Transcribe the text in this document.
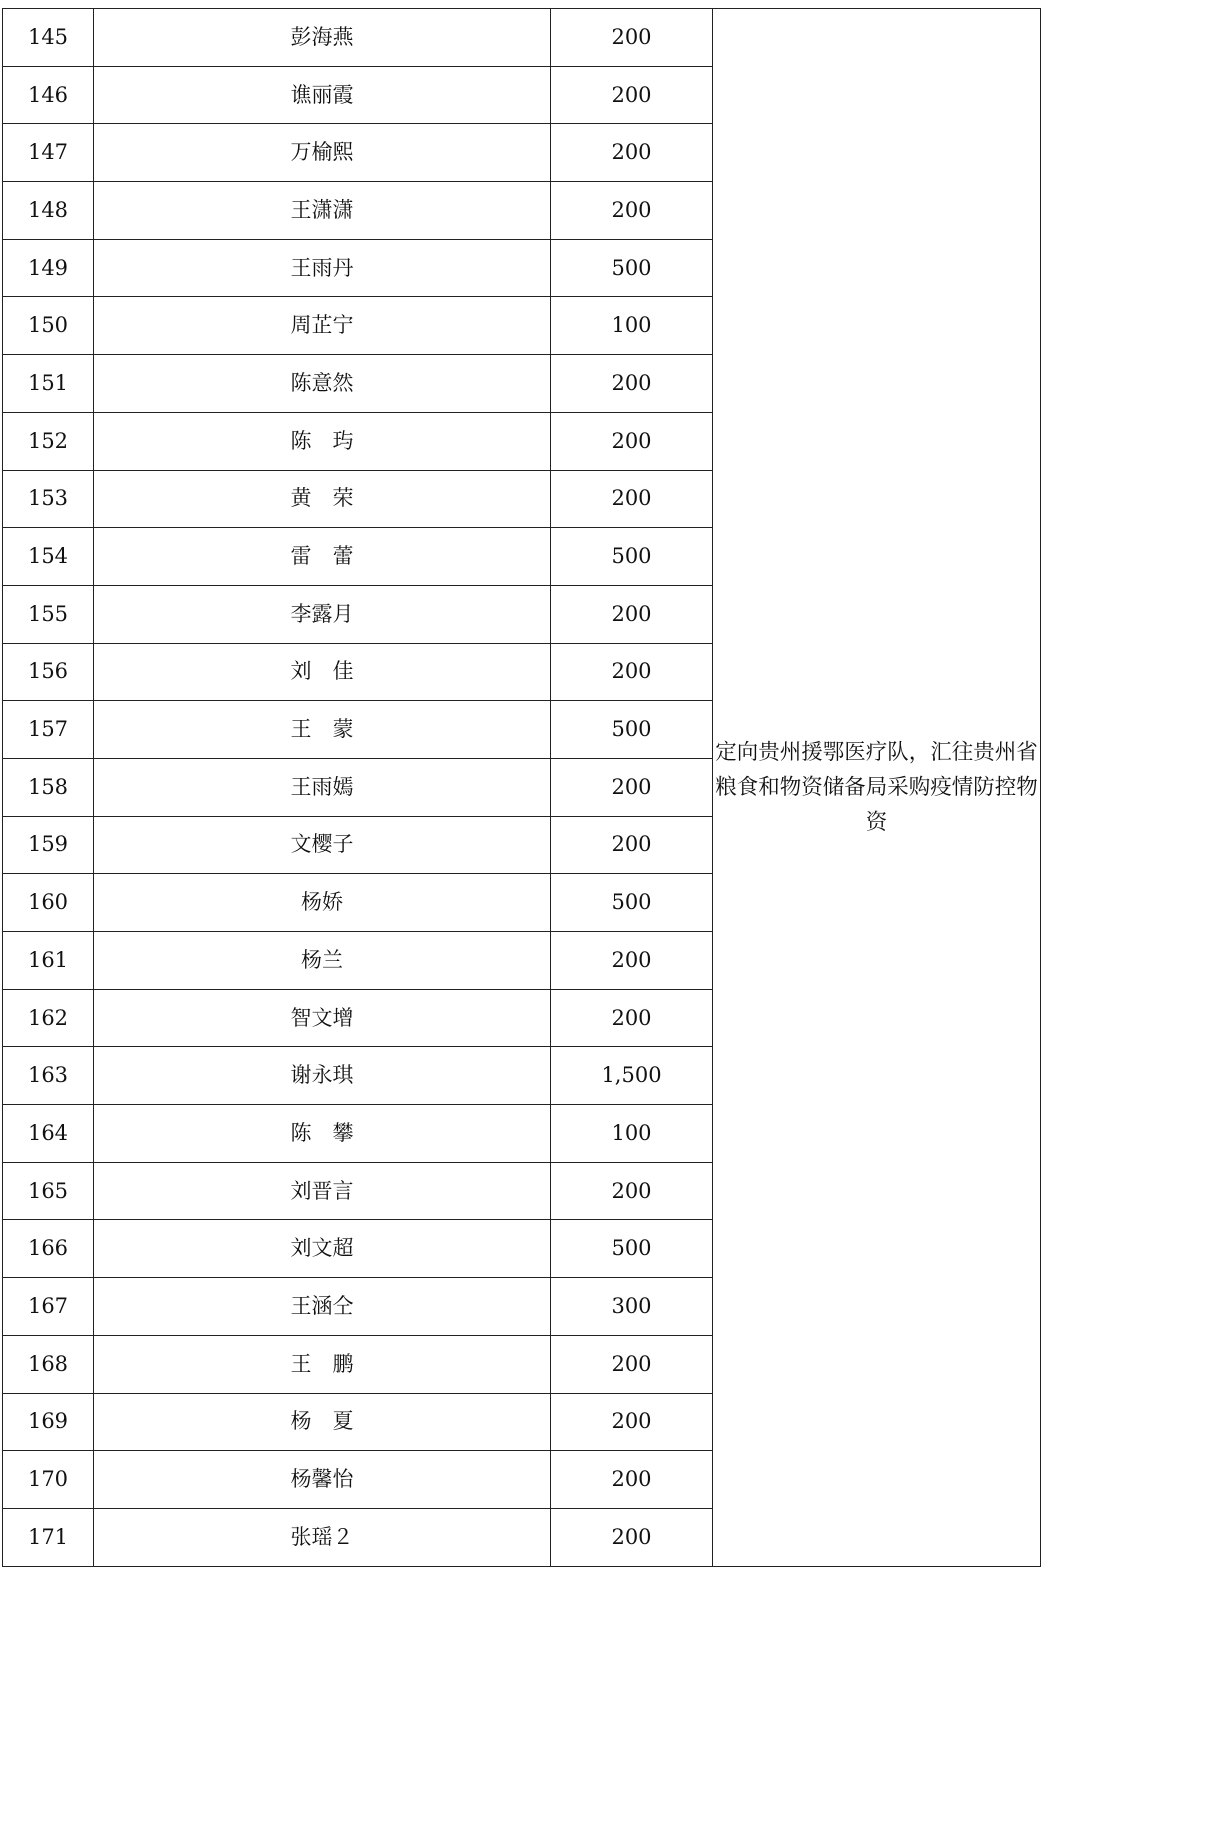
145	彭海燕	200	定向贵州援鄂医疗队，汇往贵州省粮食和物资储备局采购疫情防控物资
146	谯丽霞	200	
147	万榆熙	200	
148	王潇潇	200	
149	王雨丹	500	
150	周芷宁	100	
151	陈意然	200	
152	陈　玙	200	
153	黄　荣	200	
154	雷　蕾	500	
155	李露月	200	
156	刘　佳	200	
157	王　蒙	500	
158	王雨嫣	200	
159	文樱子	200	
160	杨娇	500	
161	杨兰	200	
162	智文增	200	
163	谢永琪	1,500	
164	陈　攀	100	
165	刘晋言	200	
166	刘文超	500	
167	王涵仝	300	
168	王　鹏	200	
169	杨　夏	200	
170	杨馨怡	200	
171	张瑶２	200	
